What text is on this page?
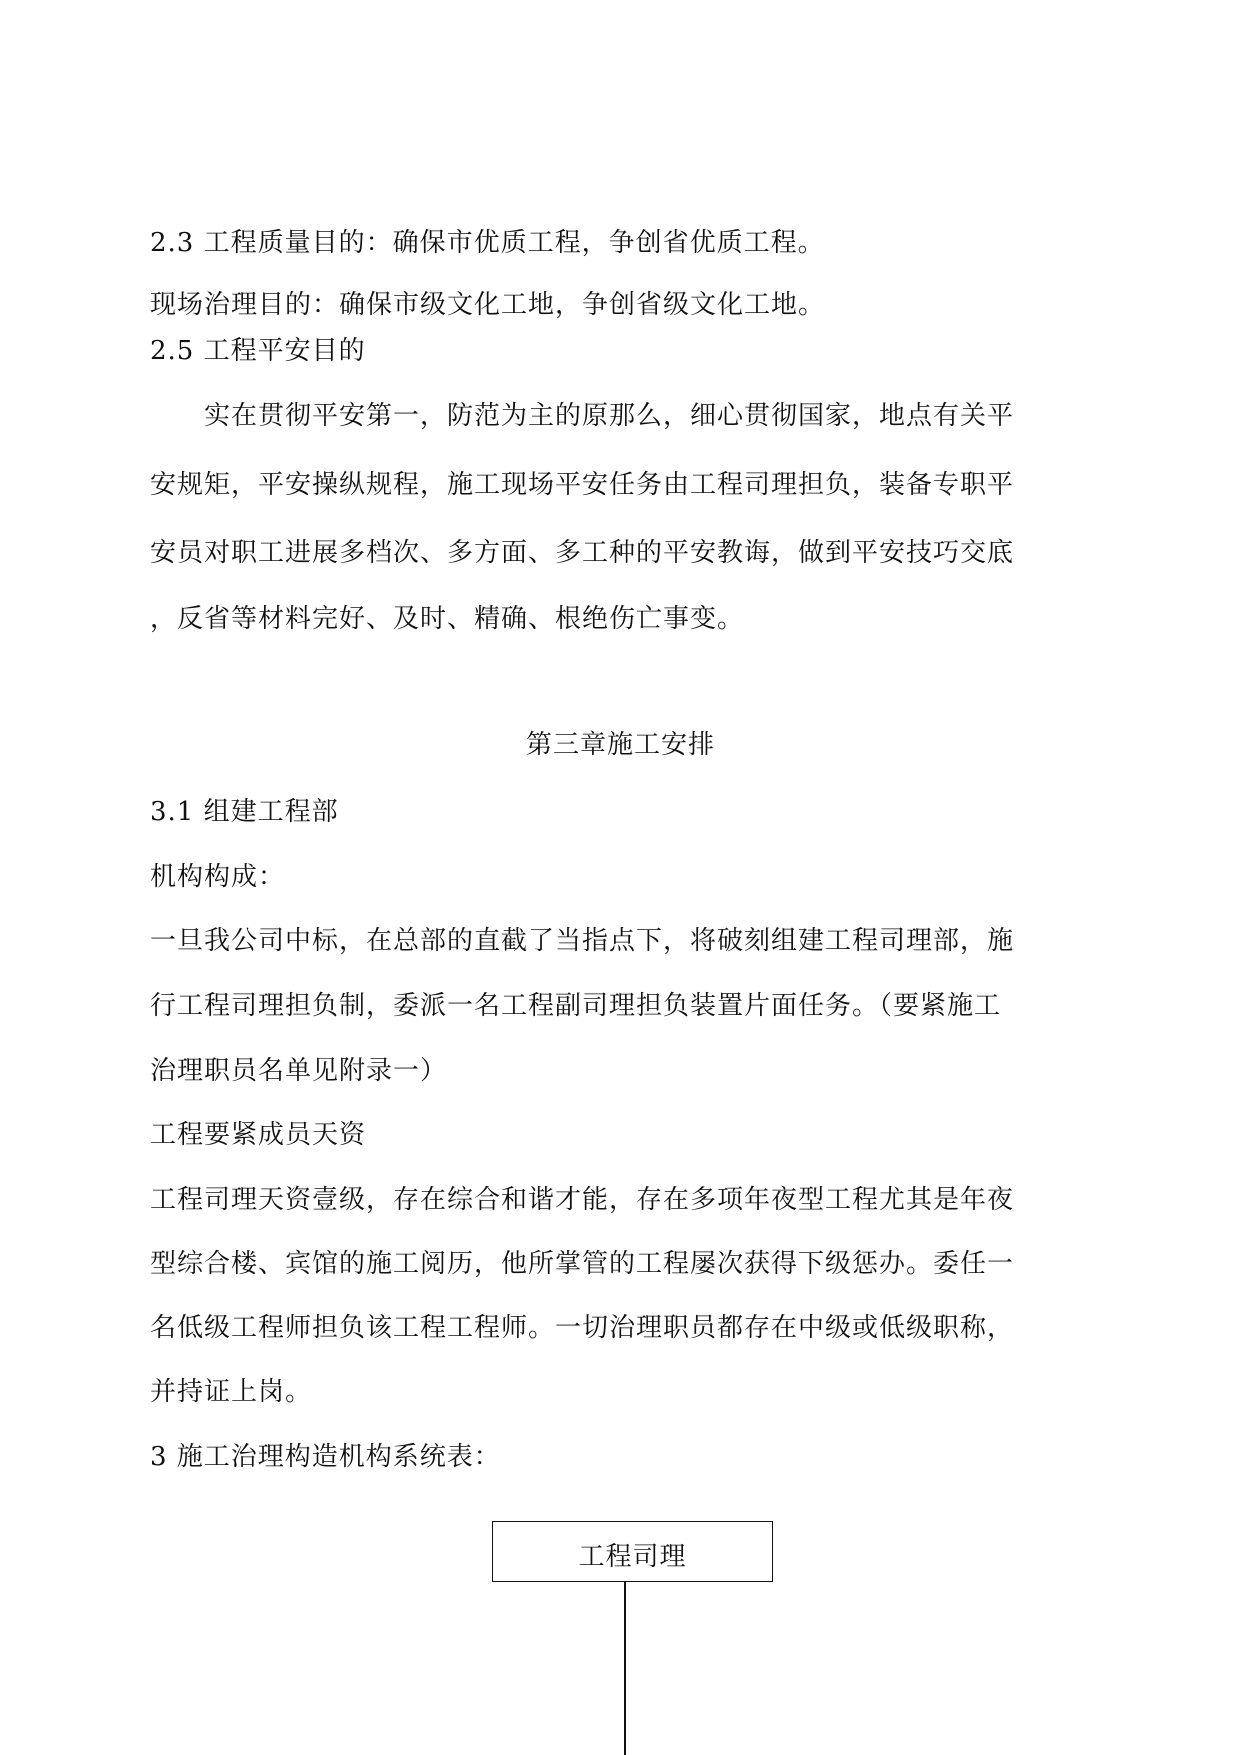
2.3 工程质量目的：确保市优质工程，争创省优质工程。
现场治理目的：确保市级文化工地，争创省级文化工地。
2.5 工程平安目的
　　实在贯彻平安第一，防范为主的原那么，细心贯彻国家，地点有关平
安规矩，平安操纵规程，施工现场平安任务由工程司理担负，装备专职平
安员对职工进展多档次、多方面、多工种的平安教诲，做到平安技巧交底
，反省等材料完好、及时、精确、根绝伤亡事变。
第三章施工安排
3.1 组建工程部
机构构成：
一旦我公司中标，在总部的直截了当指点下，将破刻组建工程司理部，施
行工程司理担负制，委派一名工程副司理担负装置片面任务。（要紧施工
治理职员名单见附录一）
工程要紧成员天资
工程司理天资壹级，存在综合和谐才能，存在多项年夜型工程尤其是年夜
型综合楼、宾馆的施工阅历，他所掌管的工程屡次获得下级惩办。委任一
名低级工程师担负该工程工程师。一切治理职员都存在中级或低级职称，
并持证上岗。
3 施工治理构造机构系统表：
工程司理
